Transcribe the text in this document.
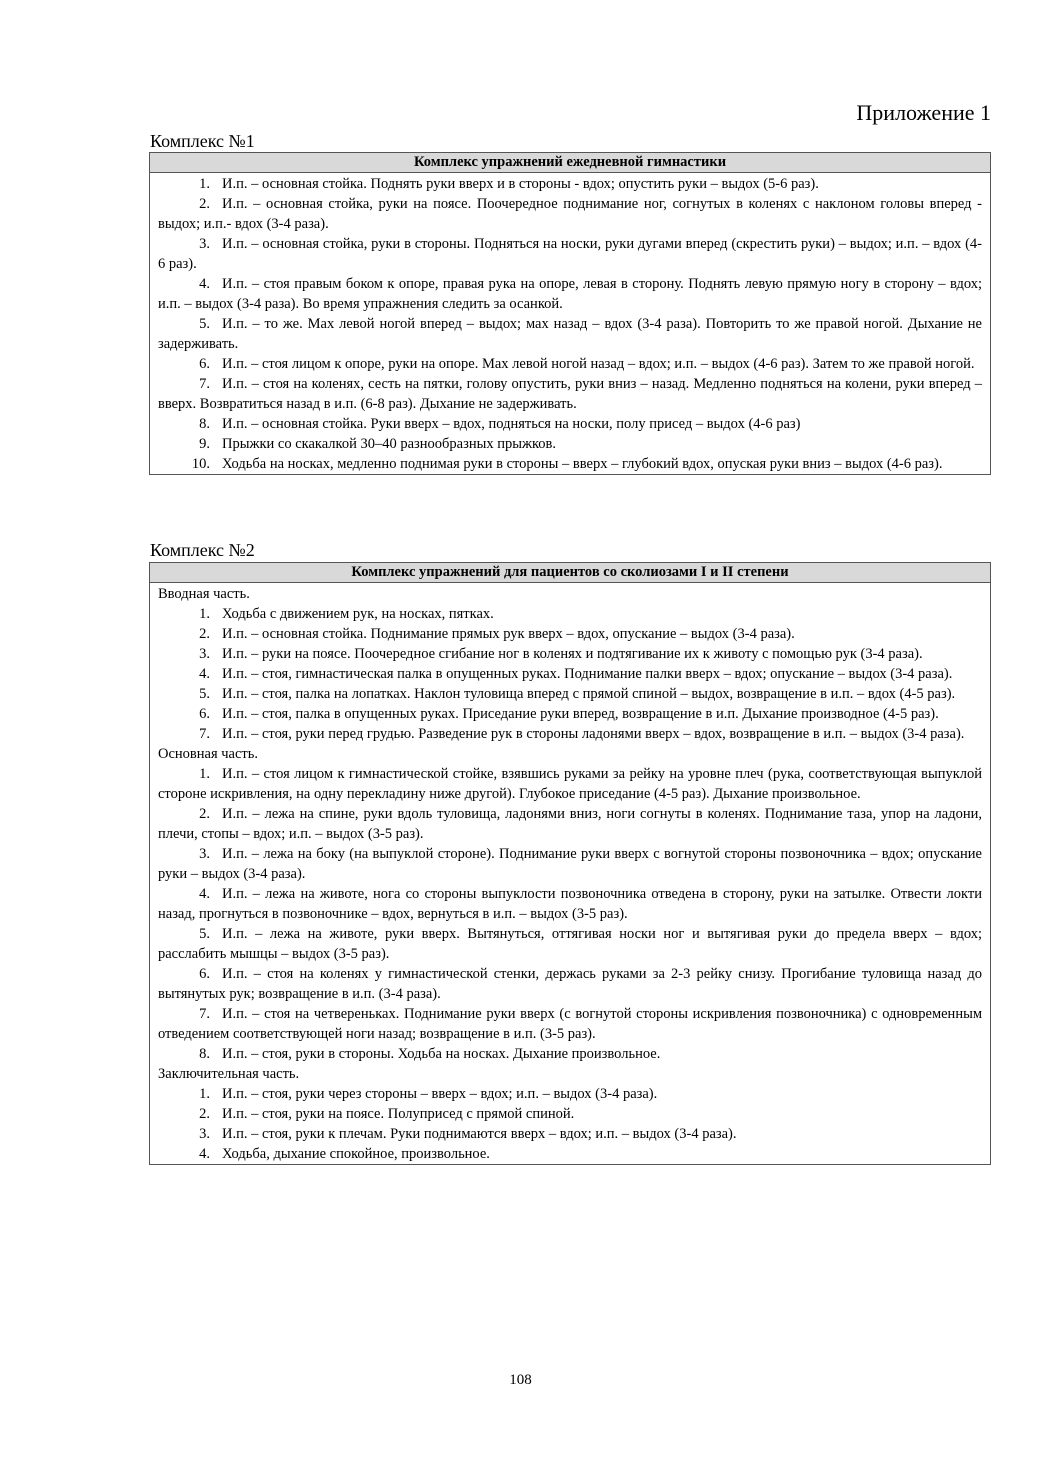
Приложение 1
Комплекс №1
Комплекс упражнений ежедневной гимнастики
1. И.п. – основная стойка. Поднять руки вверх и в стороны - вдох; опустить руки – выдох (5-6 раз).
2. И.п. – основная стойка, руки на поясе. Поочередное поднимание ног, согнутых в коленях с наклоном головы вперед - выдох; и.п.- вдох (3-4 раза).
3. И.п. – основная стойка, руки в стороны. Подняться на носки, руки дугами вперед (скрестить руки) – выдох; и.п. – вдох (4-6 раз).
4. И.п. – стоя правым боком к опоре, правая рука на опоре, левая в сторону. Поднять левую прямую ногу в сторону – вдох; и.п. – выдох (3-4 раза). Во время упражнения следить за осанкой.
5. И.п. – то же. Мах левой ногой вперед – выдох; мах назад – вдох (3-4 раза). Повторить то же правой ногой. Дыхание не задерживать.
6. И.п. – стоя лицом к опоре, руки на опоре. Мах левой ногой назад – вдох; и.п. – выдох (4-6 раз). Затем то же правой ногой.
7. И.п. – стоя на коленях, сесть на пятки, голову опустить, руки вниз – назад. Медленно подняться на колени, руки вперед – вверх. Возвратиться назад в и.п. (6-8 раз). Дыхание не задерживать.
8. И.п. – основная стойка. Руки вверх – вдох, подняться на носки, полу присед – выдох (4-6 раз)
9. Прыжки со скакалкой 30–40 разнообразных прыжков.
10. Ходьба на носках, медленно поднимая руки в стороны – вверх – глубокий вдох, опуская руки вниз – выдох (4-6 раз).
Комплекс №2
Комплекс упражнений для пациентов со сколиозами I и II степени
Вводная часть.
1. Ходьба с движением рук, на носках, пятках.
2. И.п. – основная стойка. Поднимание прямых рук вверх – вдох, опускание – выдох (3-4 раза).
3. И.п. – руки на поясе. Поочередное сгибание ног в коленях и подтягивание их к животу с помощью рук (3-4 раза).
4. И.п. – стоя, гимнастическая палка в опущенных руках. Поднимание палки вверх – вдох; опускание – выдох (3-4 раза).
5. И.п. – стоя, палка на лопатках. Наклон туловища вперед с прямой спиной – выдох, возвращение в и.п. – вдох (4-5 раз).
6. И.п. – стоя, палка в опущенных руках. Приседание руки вперед, возвращение в и.п. Дыхание производное (4-5 раз).
7. И.п. – стоя, руки перед грудью. Разведение рук в стороны ладонями вверх – вдох, возвращение в и.п. – выдох (3-4 раза).
Основная часть.
1. И.п. – стоя лицом к гимнастической стойке, взявшись руками за рейку на уровне плеч (рука, соответствующая выпуклой стороне искривления, на одну перекладину ниже другой). Глубокое приседание (4-5 раз). Дыхание произвольное.
2. И.п. – лежа на спине, руки вдоль туловища, ладонями вниз, ноги согнуты в коленях. Поднимание таза, упор на ладони, плечи, стопы – вдох; и.п. – выдох (3-5 раз).
3. И.п. – лежа на боку (на выпуклой стороне). Поднимание руки вверх с вогнутой стороны позвоночника – вдох; опускание руки – выдох (3-4 раза).
4. И.п. – лежа на животе, нога со стороны выпуклости позвоночника отведена в сторону, руки на затылке. Отвести локти назад, прогнуться в позвоночнике – вдох, вернуться в и.п. – выдох (3-5 раз).
5. И.п. – лежа на животе, руки вверх. Вытянуться, оттягивая носки ног и вытягивая руки до предела вверх – вдох; расслабить мышцы – выдох (3-5 раз).
6. И.п. – стоя на коленях у гимнастической стенки, держась руками за 2-3 рейку снизу. Прогибание туловища назад до вытянутых рук; возвращение в и.п. (3-4 раза).
7. И.п. – стоя на четвереньках. Поднимание руки вверх (с вогнутой стороны искривления позвоночника) с одновременным отведением соответствующей ноги назад; возвращение в и.п. (3-5 раз).
8. И.п. – стоя, руки в стороны. Ходьба на носках. Дыхание произвольное.
Заключительная часть.
1. И.п. – стоя, руки через стороны – вверх – вдох; и.п. – выдох (3-4 раза).
2. И.п. – стоя, руки на поясе. Полуприсед с прямой спиной.
3. И.п. – стоя, руки к плечам. Руки поднимаются вверх – вдох; и.п. – выдох (3-4 раза).
4. Ходьба, дыхание спокойное, произвольное.
108
